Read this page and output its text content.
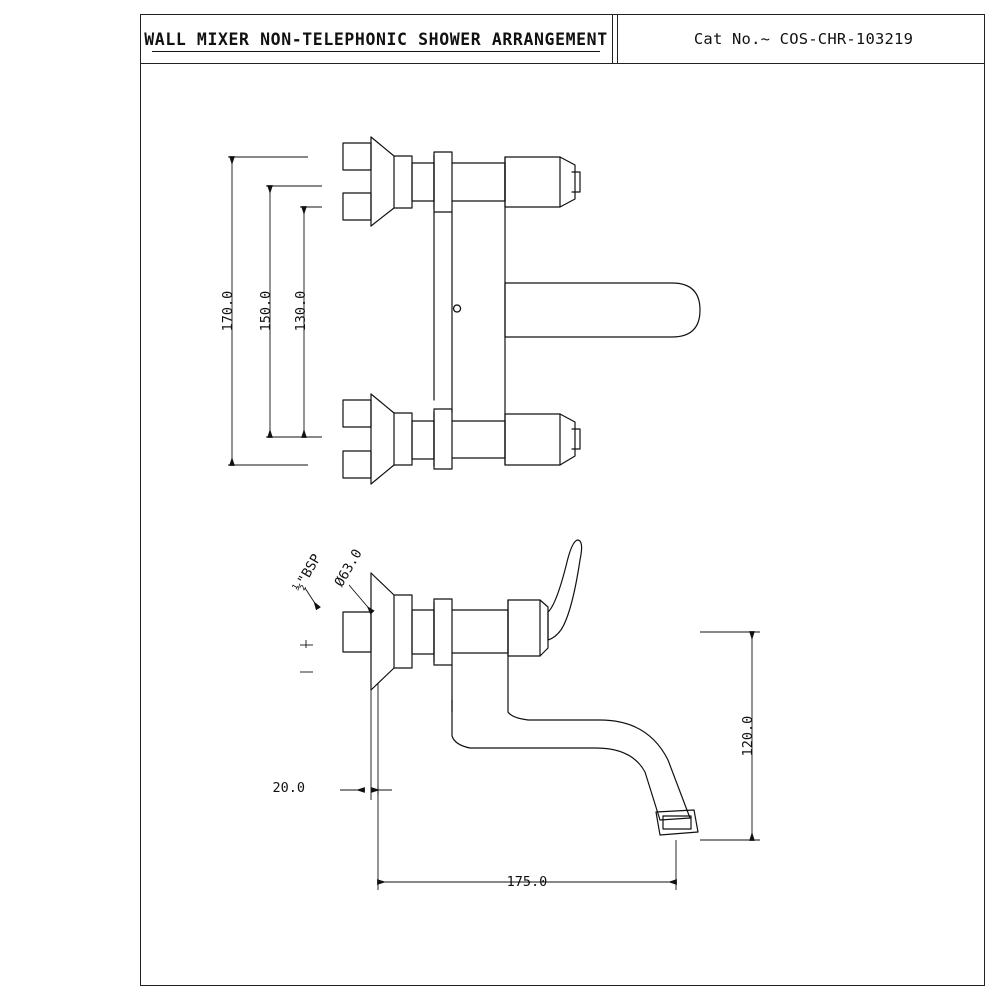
WALL MIXER NON-TELEPHONIC SHOWER ARRANGEMENT	Cat No.~ COS-CHR-103219
170.0 150.0 130.0
Ø63.0
½"BSP
20.0
120.0
175.0
